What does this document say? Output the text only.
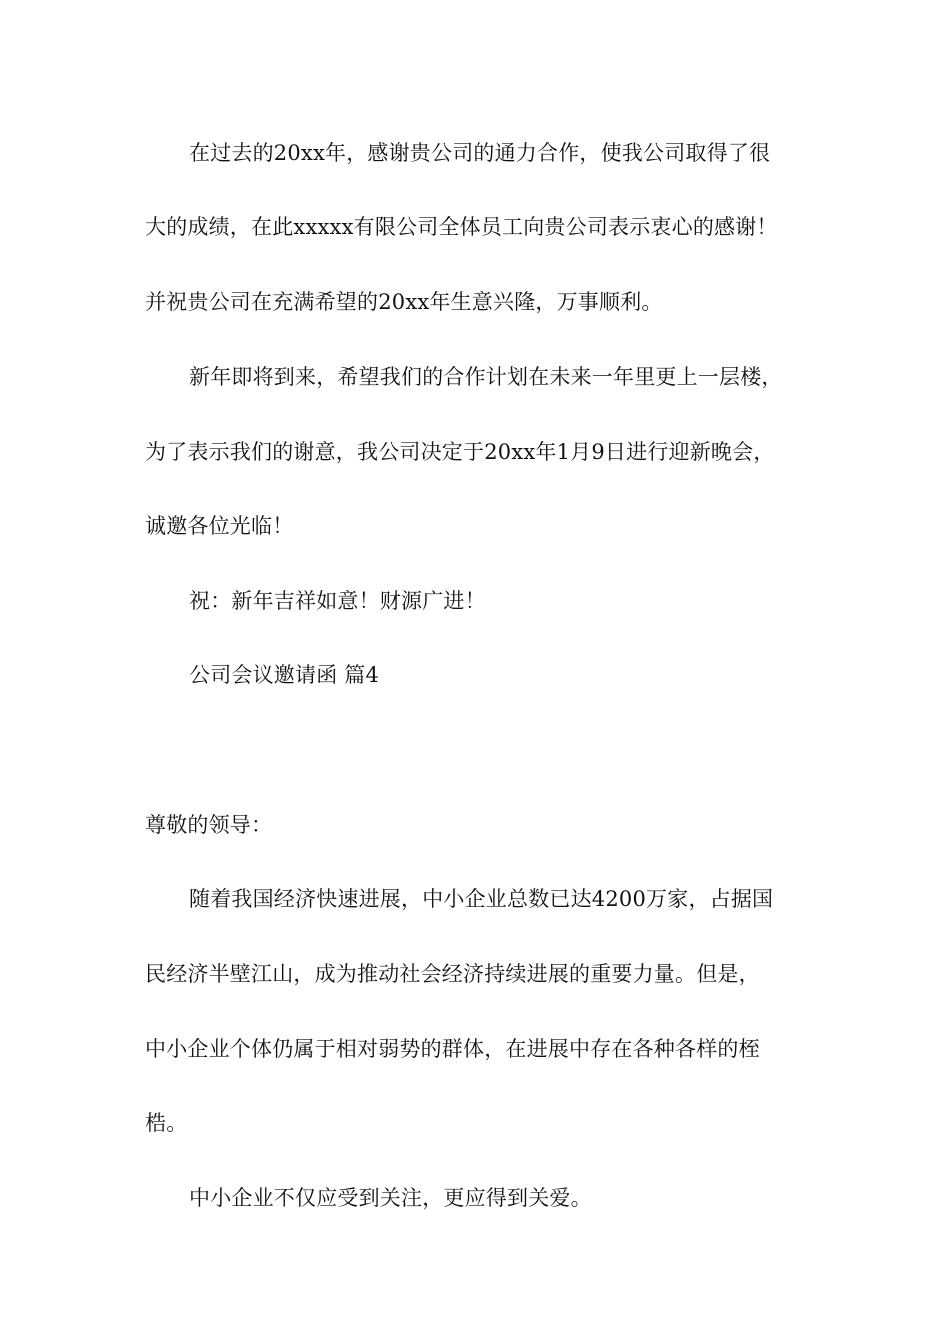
在过去的20xx年，感谢贵公司的通力合作，使我公司取得了很
大的成绩，在此xxxxx有限公司全体员工向贵公司表示衷心的感谢！
并祝贵公司在充满希望的20xx年生意兴隆，万事顺利。
新年即将到来，希望我们的合作计划在未来一年里更上一层楼，
为了表示我们的谢意，我公司决定于20xx年1月9日进行迎新晚会，
诚邀各位光临！
祝：新年吉祥如意！财源广进！
公司会议邀请函 篇4
尊敬的领导：
随着我国经济快速进展，中小企业总数已达4200万家，占据国
民经济半壁江山，成为推动社会经济持续进展的重要力量。但是，
中小企业个体仍属于相对弱势的群体，在进展中存在各种各样的桎
梏。
中小企业不仅应受到关注，更应得到关爱。
